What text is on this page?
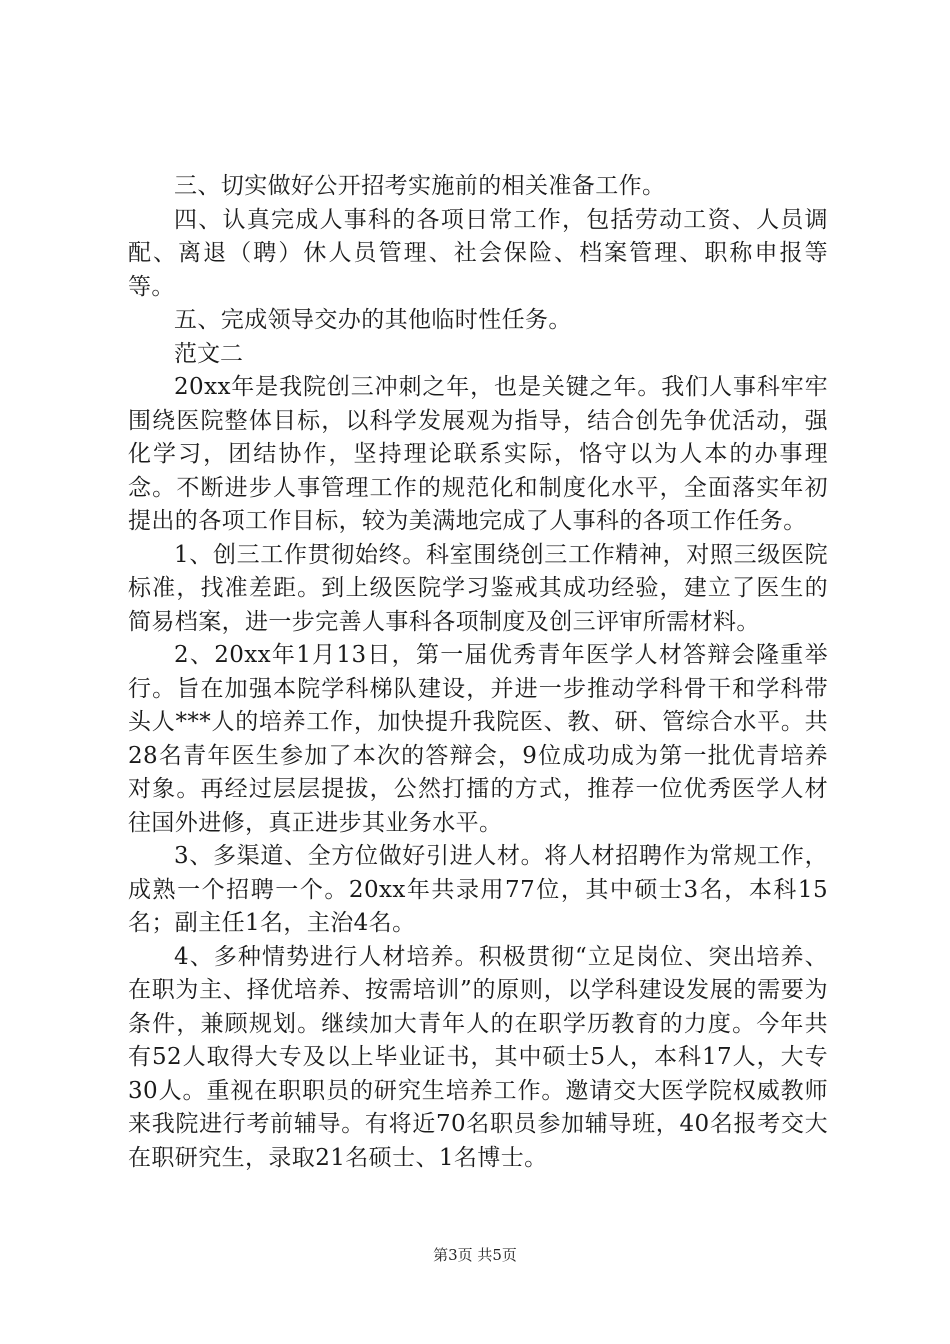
三、切实做好公开招考实施前的相关准备工作。

四、认真完成人事科的各项日常工作，包括劳动工资、人员调配、离退（聘）休人员管理、社会保险、档案管理、职称申报等等。

五、完成领导交办的其他临时性任务。

范文二

20xx年是我院创三冲刺之年，也是关键之年。我们人事科牢牢围绕医院整体目标，以科学发展观为指导，结合创先争优活动，强化学习，团结协作，坚持理论联系实际，恪守以为人本的办事理念。不断进步人事管理工作的规范化和制度化水平，全面落实年初提出的各项工作目标，较为美满地完成了人事科的各项工作任务。

1、创三工作贯彻始终。科室围绕创三工作精神，对照三级医院标准，找准差距。到上级医院学习鉴戒其成功经验，建立了医生的简易档案，进一步完善人事科各项制度及创三评审所需材料。

2、20xx年1月13日，第一届优秀青年医学人材答辩会隆重举行。旨在加强本院学科梯队建设，并进一步推动学科骨干和学科带头人***人的培养工作，加快提升我院医、教、研、管综合水平。共28名青年医生参加了本次的答辩会，9位成功成为第一批优青培养对象。再经过层层提拔，公然打擂的方式，推荐一位优秀医学人材往国外进修，真正进步其业务水平。

3、多渠道、全方位做好引进人材。将人材招聘作为常规工作，成熟一个招聘一个。20xx年共录用77位，其中硕士3名，本科15名；副主任1名，主治4名。

4、多种情势进行人材培养。积极贯彻“立足岗位、突出培养、在职为主、择优培养、按需培训”的原则，以学科建设发展的需要为条件，兼顾规划。继续加大青年人的在职学历教育的力度。今年共有52人取得大专及以上毕业证书，其中硕士5人，本科17人，大专30人。重视在职职员的研究生培养工作。邀请交大医学院权威教师来我院进行考前辅导。有将近70名职员参加辅导班，40名报考交大在职研究生，录取21名硕士、1名博士。

第3页 共5页
